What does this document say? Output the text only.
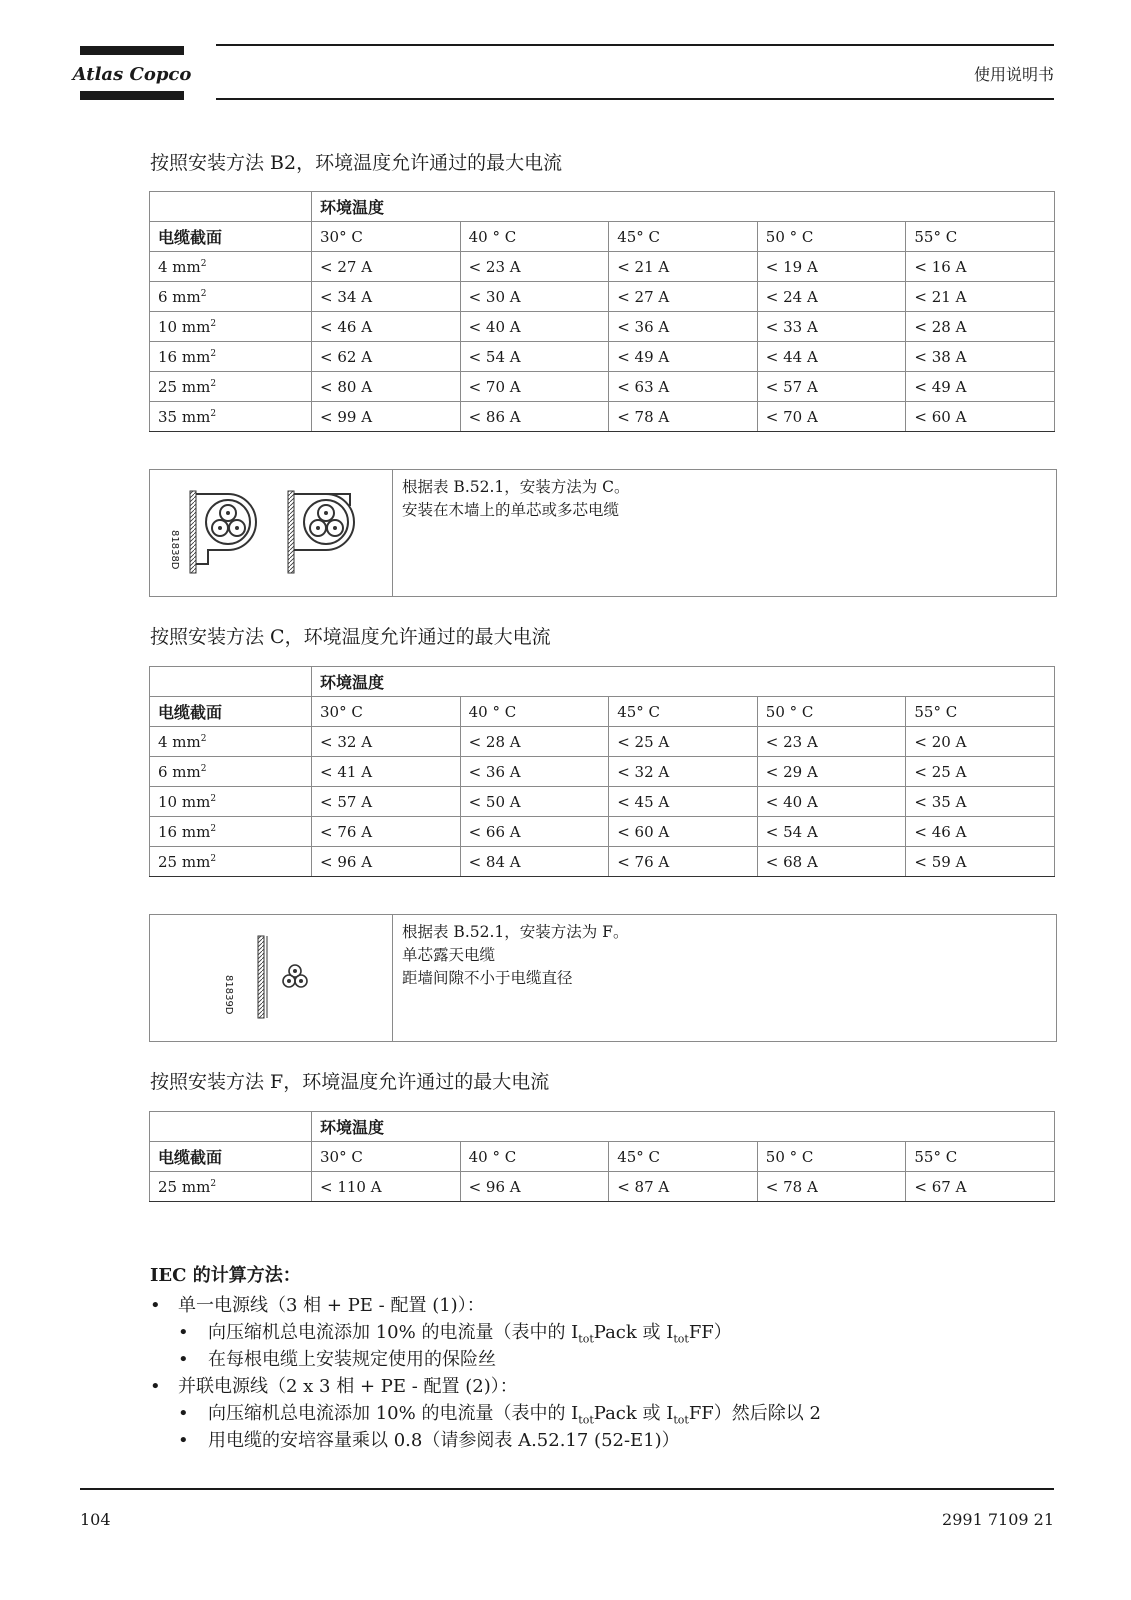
Atlas Copco	使用说明书
按照安装方法 B2，环境温度允许通过的最大电流
	环境温度				
电缆截面	30° C	40 ° C	45° C	50 ° C	55° C
4 $mm^2$	< 27 A	< 23 A	< 21 A	< 19 A	< 16 A
6 $mm^2$	< 34 A	< 30 A	< 27 A	< 24 A	< 21 A
10 $mm^2$	< 46 A	< 40 A	< 36 A	< 33 A	< 28 A
16 $mm^2$	< 62 A	< 54 A	< 49 A	< 44 A	< 38 A
25 $mm^2$	< 80 A	< 70 A	< 63 A	< 57 A	< 49 A
35 $mm^2$	< 99 A	< 86 A	< 78 A	< 70 A	< 60 A
81838D
根据表 B.52.1，安装方法为 C。
安装在木墙上的单芯或多芯电缆
按照安装方法 C，环境温度允许通过的最大电流
	环境温度				
电缆截面	30° C	40 ° C	45° C	50 ° C	55° C
4 $mm^2$	< 32 A	< 28 A	< 25 A	< 23 A	< 20 A
6 $mm^2$	< 41 A	< 36 A	< 32 A	< 29 A	< 25 A
10 $mm^2$	< 57 A	< 50 A	< 45 A	< 40 A	< 35 A
16 $mm^2$	< 76 A	< 66 A	< 60 A	< 54 A	< 46 A
25 $mm^2$	< 96 A	< 84 A	< 76 A	< 68 A	< 59 A
81839D
根据表 B.52.1，安装方法为 F。
单芯露天电缆
距墙间隙不小于电缆直径
按照安装方法 F，环境温度允许通过的最大电流
	环境温度				
电缆截面	30° C	40 ° C	45° C	50 ° C	55° C
25 $mm^2$	< 110 A	< 96 A	< 87 A	< 78 A	< 67 A
IEC 的计算方法：
• 单一电源线（3 相 + PE - 配置 (1)）：
• 向压缩机总电流添加 10% 的电流量（表中的 $I_{tot}Pack$ 或 $I_{tot}FF$）
• 在每根电缆上安装规定使用的保险丝
• 并联电源线（2 x 3 相 + PE - 配置 (2)）：
• 向压缩机总电流添加 10% 的电流量（表中的 $I_{tot}Pack$ 或 $I_{tot}FF$）然后除以 2
• 用电缆的安培容量乘以 0.8（请参阅表 A.52.17 (52-E1)）
104	2991 7109 21
